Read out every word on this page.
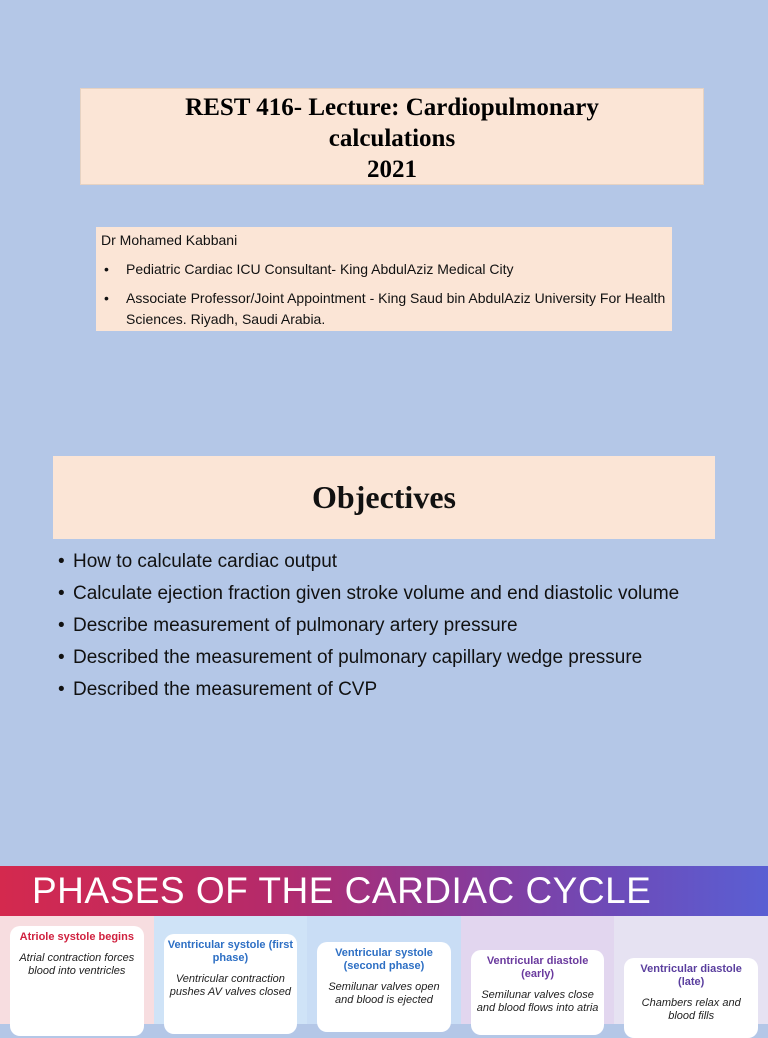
REST 416- Lecture: Cardiopulmonary
calculations
2021
Dr Mohamed Kabbani
• Pediatric Cardiac ICU Consultant- King AbdulAziz Medical City
• Associate Professor/Joint Appointment - King Saud bin AbdulAziz University For Health Sciences. Riyadh, Saudi Arabia.
Objectives
• How to calculate cardiac output
• Calculate ejection fraction given stroke volume and end diastolic volume
• Describe measurement of pulmonary artery pressure
• Described the measurement of pulmonary capillary wedge pressure
• Described the measurement of CVP
PHASES OF THE CARDIAC CYCLE
Atriole systole begins
Atrial contraction forces blood into ventricles
Ventricular systole (first phase)
Ventricular contraction pushes AV valves closed
Ventricular systole (second phase)
Semilunar valves open and blood is ejected
Ventricular diastole (early)
Semilunar valves close and blood flows into atria
Ventricular diastole (late)
Chambers relax and blood fills
